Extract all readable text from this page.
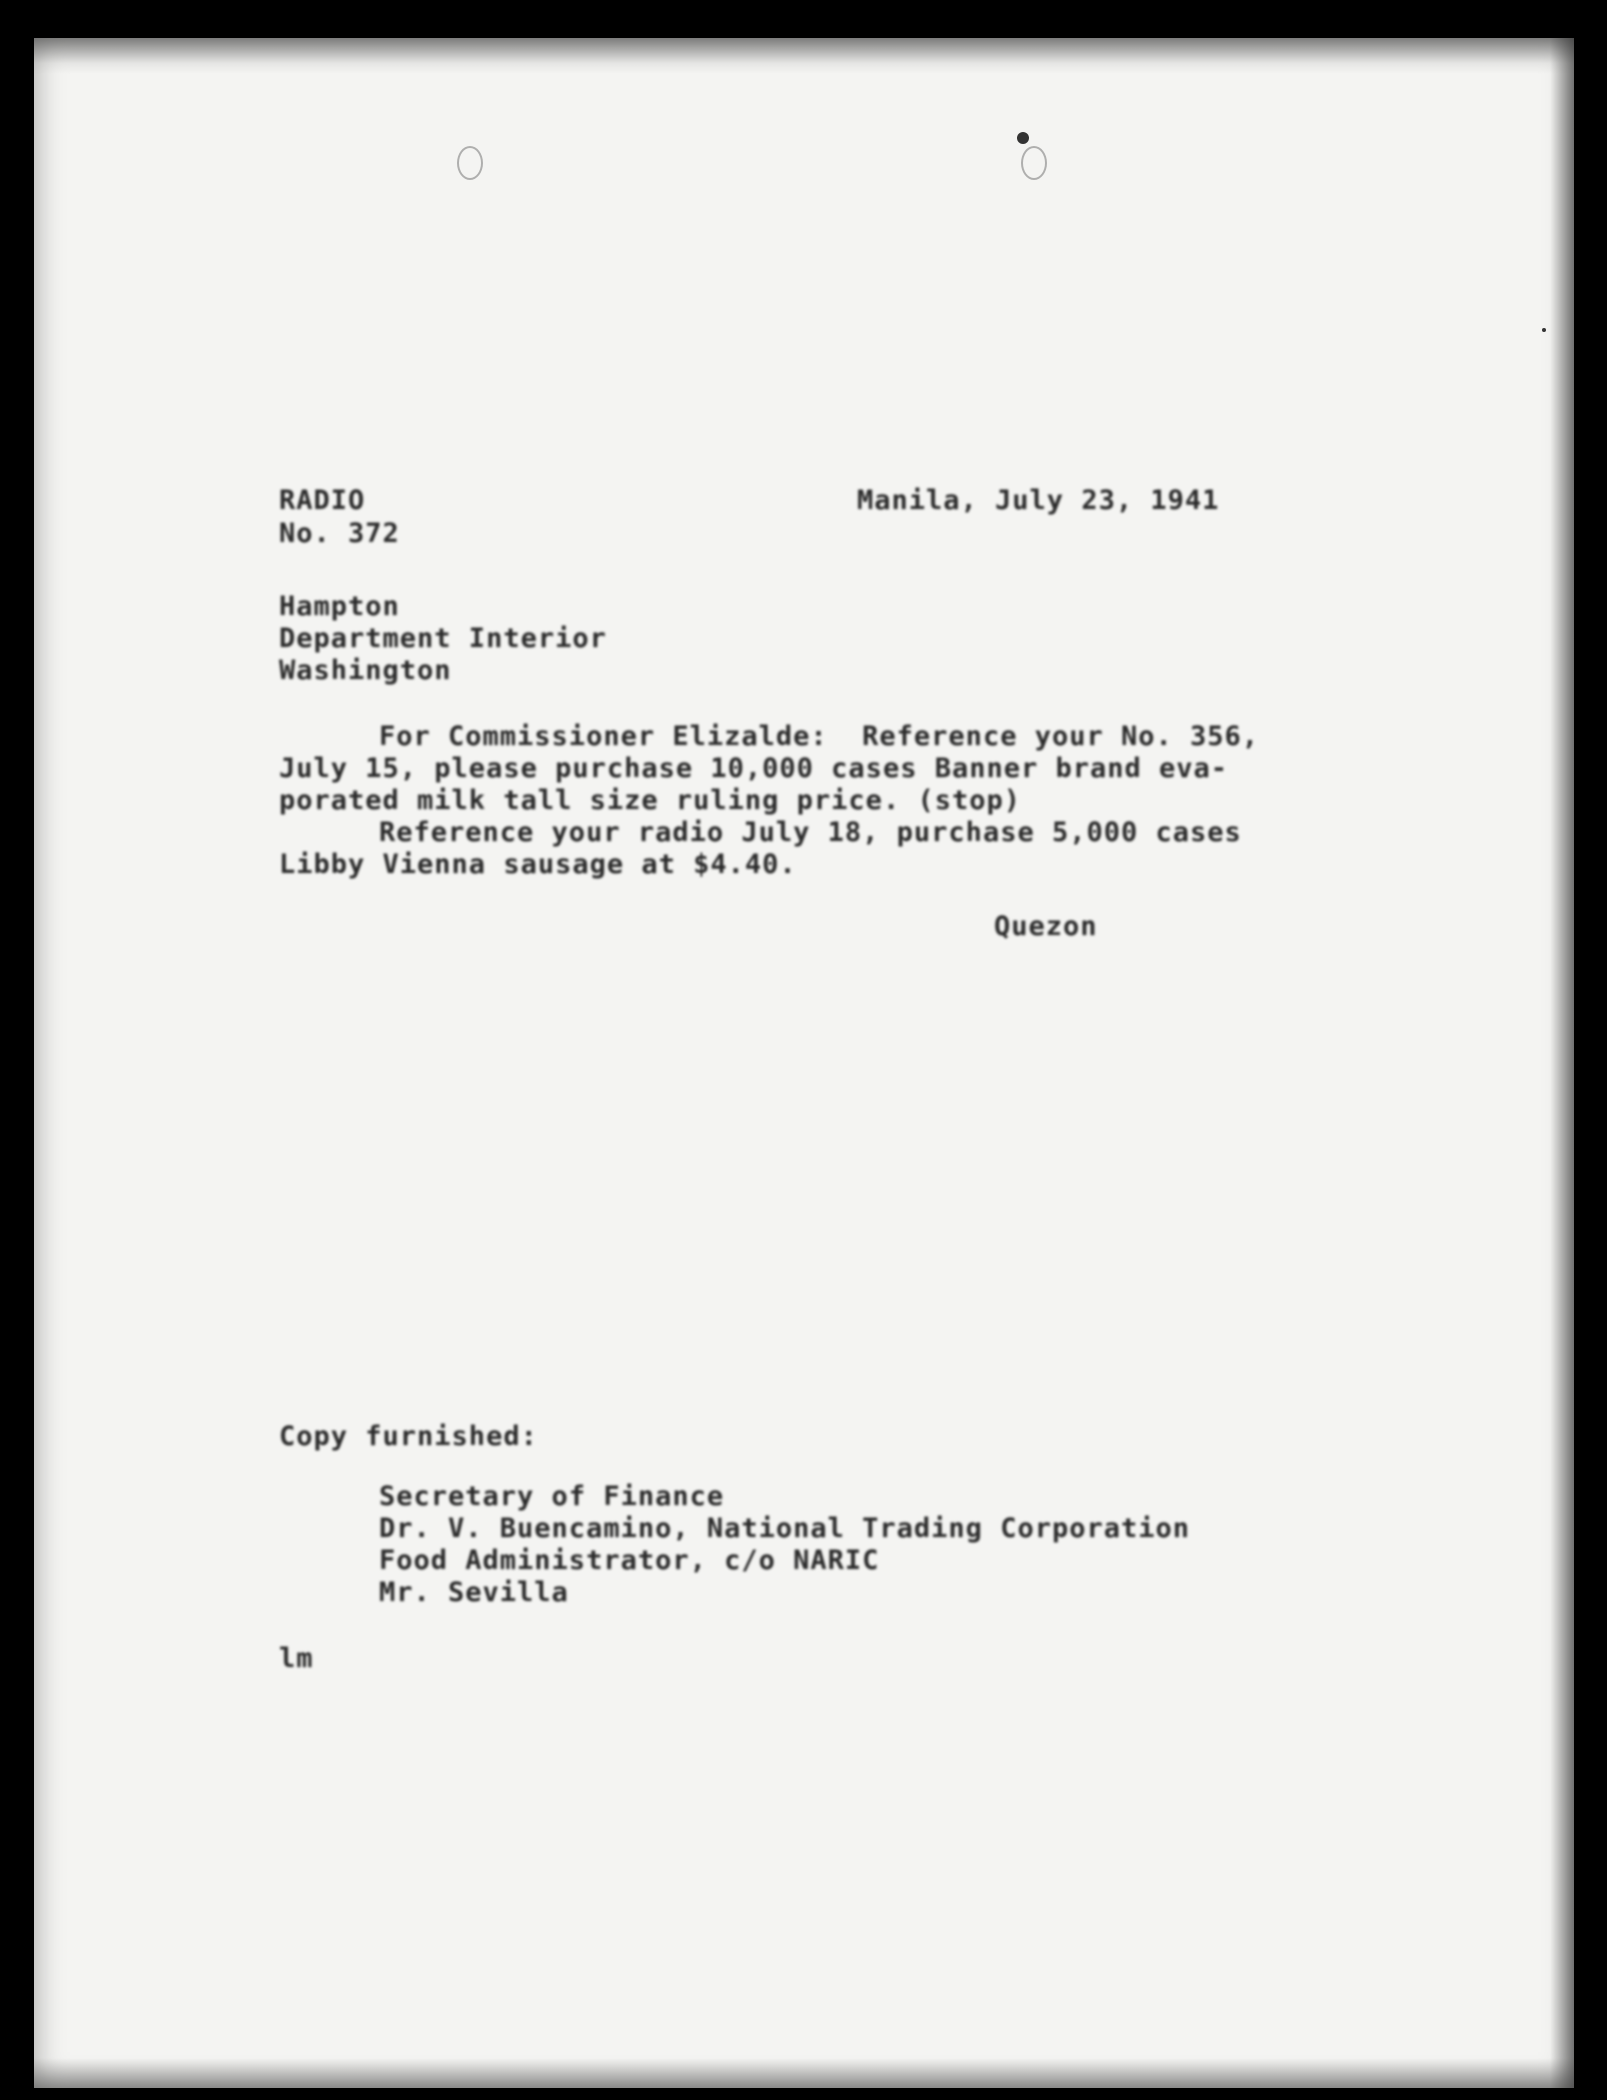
RADIO

No. 372

Manila, July 23, 1941

Hampton

Department Interior

Washington

For Commissioner Elizalde:  Reference your No. 356,

July 15, please purchase 10,000 cases Banner brand eva-

porated milk tall size ruling price. (stop)

Reference your radio July 18, purchase 5,000 cases

Libby Vienna sausage at $4.40.

Quezon

Copy furnished:

Secretary of Finance

Dr. V. Buencamino, National Trading Corporation

Food Administrator, c/o NARIC

Mr. Sevilla

lm
